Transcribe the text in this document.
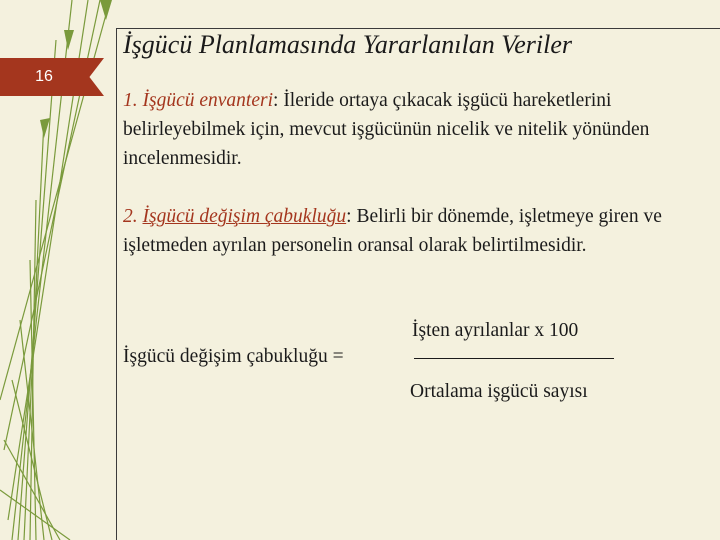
16
İşgücü Planlamasında Yararlanılan Veriler
1. İşgücü envanteri: İleride ortaya çıkacak işgücü hareketlerini belirleyebilmek için, mevcut işgücünün nicelik ve nitelik yönünden incelenmesidir.
2. İşgücü değişim çabukluğu: Belirli bir dönemde, işletmeye giren ve işletmeden ayrılan personelin oransal olarak belirtilmesidir.
İşgücü değişim çabukluğu =
İşten ayrılanlar x 100
Ortalama işgücü sayısı
